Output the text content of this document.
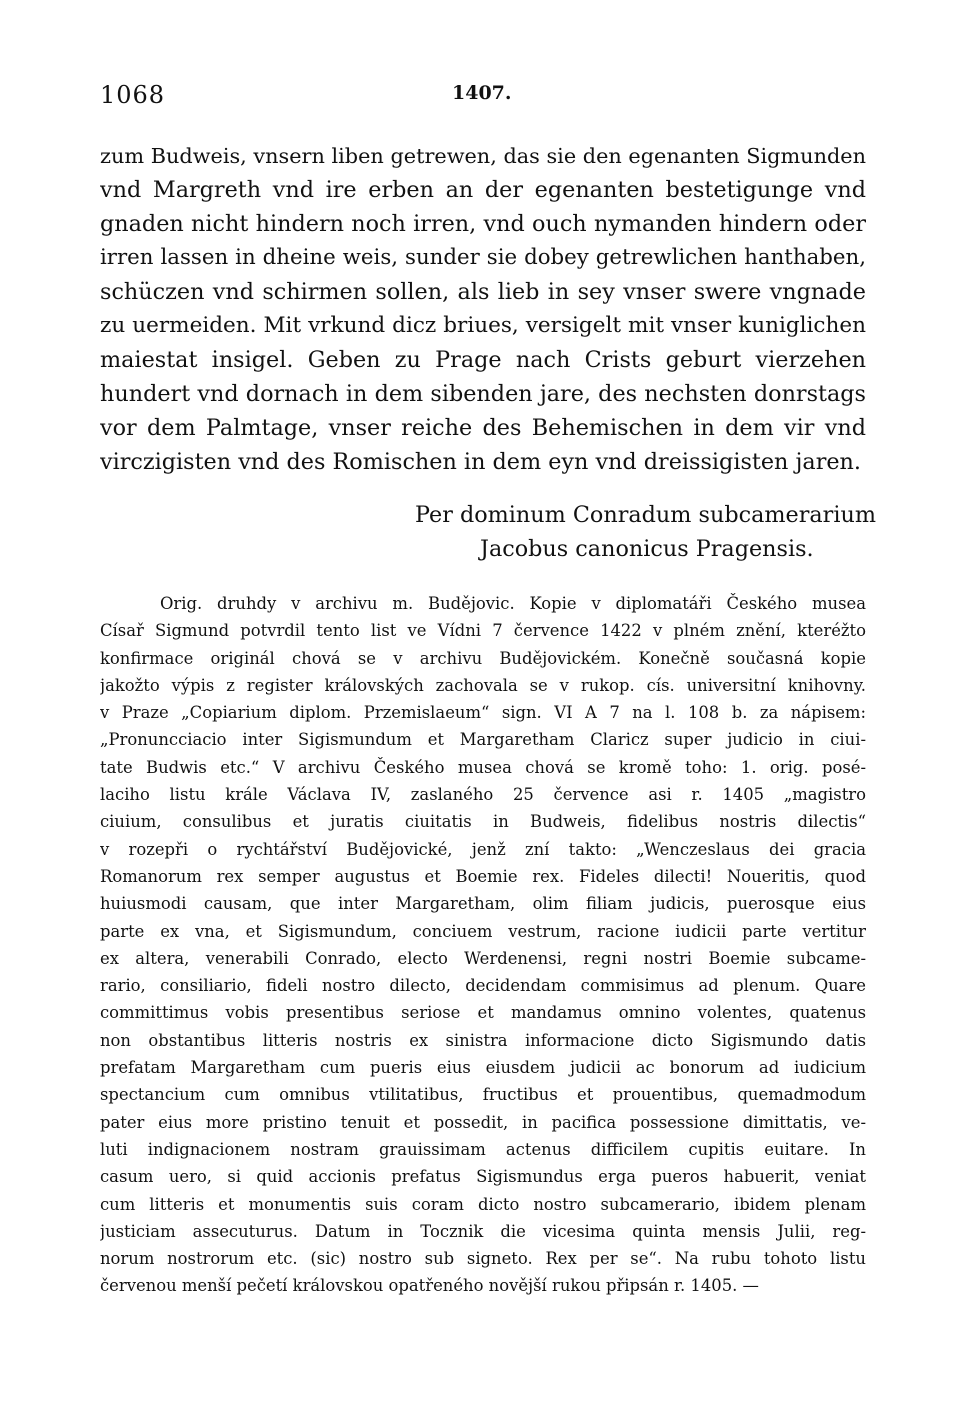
1068	1407.
zum Budweis, vnsern liben getrewen, das sie den egenanten Sigmunden
vnd Margreth vnd ire erben an der egenanten bestetigunge vnd
gnaden nicht hindern noch irren, vnd ouch nymanden hindern oder
irren lassen in dheine weis, sunder sie dobey getrewlichen hanthaben,
schüczen vnd schirmen sollen, als lieb in sey vnser swere vngnade
zu uermeiden. Mit vrkund dicz briues, versigelt mit vnser kuniglichen
maiestat insigel. Geben zu Prage nach Crists geburt vierzehen
hundert vnd dornach in dem sibenden jare, des nechsten donrstags
vor dem Palmtage, vnser reiche des Behemischen in dem vir vnd
virczigisten vnd des Romischen in dem eyn vnd dreissigisten jaren.
Per dominum Conradum subcamerarium
Jacobus canonicus Pragensis.
Orig. druhdy v archivu m. Budějovic. Kopie v diplomatáři Českého musea
Císař Sigmund potvrdil tento list ve Vídni 7 července 1422 v plném znění, kteréžto
konfirmace originál chová se v archivu Budějovickém. Konečně současná kopie
jakožto výpis z register královských zachovala se v rukop. cís. universitní knihovny.
v Praze „Copiarium diplom. Przemislaeum“ sign. VI A 7 na l. 108 b. za nápisem:
„Pronuncciacio inter Sigismundum et Margaretham Claricz super judicio in ciui-
tate Budwis etc.“ V archivu Českého musea chová se kromě toho: 1. orig. posé-
laciho listu krále Václava IV, zaslaného 25 července asi r. 1405 „magistro
ciuium, consulibus et juratis ciuitatis in Budweis, fidelibus nostris dilectis“
v rozepři o rychtářství Budějovické, jenž zní takto: „Wenczeslaus dei gracia
Romanorum rex semper augustus et Boemie rex. Fideles dilecti! Noueritis, quod
huiusmodi causam, que inter Margaretham, olim filiam judicis, puerosque eius
parte ex vna, et Sigismundum, conciuem vestrum, racione iudicii parte vertitur
ex altera, venerabili Conrado, electo Werdenensi, regni nostri Boemie subcame-
rario, consiliario, fideli nostro dilecto, decidendam commisimus ad plenum. Quare
committimus vobis presentibus seriose et mandamus omnino volentes, quatenus
non obstantibus litteris nostris ex sinistra informacione dicto Sigismundo datis
prefatam Margaretham cum pueris eius eiusdem judicii ac bonorum ad iudicium
spectancium cum omnibus vtilitatibus, fructibus et prouentibus, quemadmodum
pater eius more pristino tenuit et possedit, in pacifica possessione dimittatis, ve-
luti indignacionem nostram grauissimam actenus difficilem cupitis euitare. In
casum uero, si quid accionis prefatus Sigismundus erga pueros habuerit, veniat
cum litteris et monumentis suis coram dicto nostro subcamerario, ibidem plenam
justiciam assecuturus. Datum in Tocznik die vicesima quinta mensis Julii, reg-
norum nostrorum etc. (sic) nostro sub signeto. Rex per se“. Na rubu tohoto listu
červenou menší pečetí královskou opatřeného novější rukou připsán r. 1405. —
